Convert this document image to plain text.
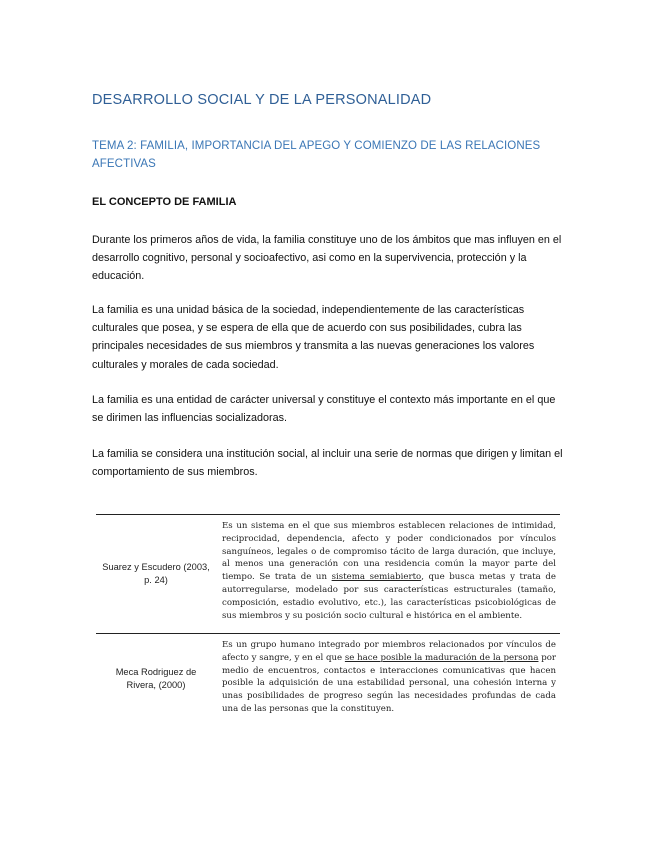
DESARROLLO SOCIAL Y DE LA PERSONALIDAD
TEMA 2: FAMILIA, IMPORTANCIA DEL APEGO Y COMIENZO DE LAS RELACIONES AFECTIVAS
EL CONCEPTO DE FAMILIA
Durante los primeros años de vida, la familia constituye uno de los ámbitos que mas influyen en el desarrollo cognitivo, personal y socioafectivo, asi como en la supervivencia, protección y la educación.
La familia es una unidad básica de la sociedad, independientemente de las características culturales que posea, y se espera de ella que de acuerdo con sus posibilidades, cubra las principales necesidades de sus miembros y transmita a las nuevas generaciones los valores culturales y morales de cada sociedad.
La familia es una entidad de carácter universal y constituye el contexto más importante en el que se dirimen las influencias socializadoras.
La familia se considera una institución social, al incluir una serie de normas que dirigen y limitan el comportamiento de sus miembros.
Suarez y Escudero (2003, p. 24)
Es un sistema en el que sus miembros establecen relaciones de intimidad, reciprocidad, dependencia, afecto y poder condicionados por vínculos sanguíneos, legales o de compromiso tácito de larga duración, que incluye, al menos una generación con una residencia común la mayor parte del tiempo. Se trata de un sistema semiabierto, que busca metas y trata de autorregularse, modelado por sus características estructurales (tamaño, composición, estadio evolutivo, etc.), las características psicobiológicas de sus miembros y su posición socio cultural e histórica en el ambiente.
Meca Rodriguez de Rivera, (2000)
Es un grupo humano integrado por miembros relacionados por vínculos de afecto y sangre, y en el que se hace posible la maduración de la persona por medio de encuentros, contactos e interacciones comunicativas que hacen posible la adquisición de una estabilidad personal, una cohesión interna y unas posibilidades de progreso según las necesidades profundas de cada una de las personas que la constituyen.
